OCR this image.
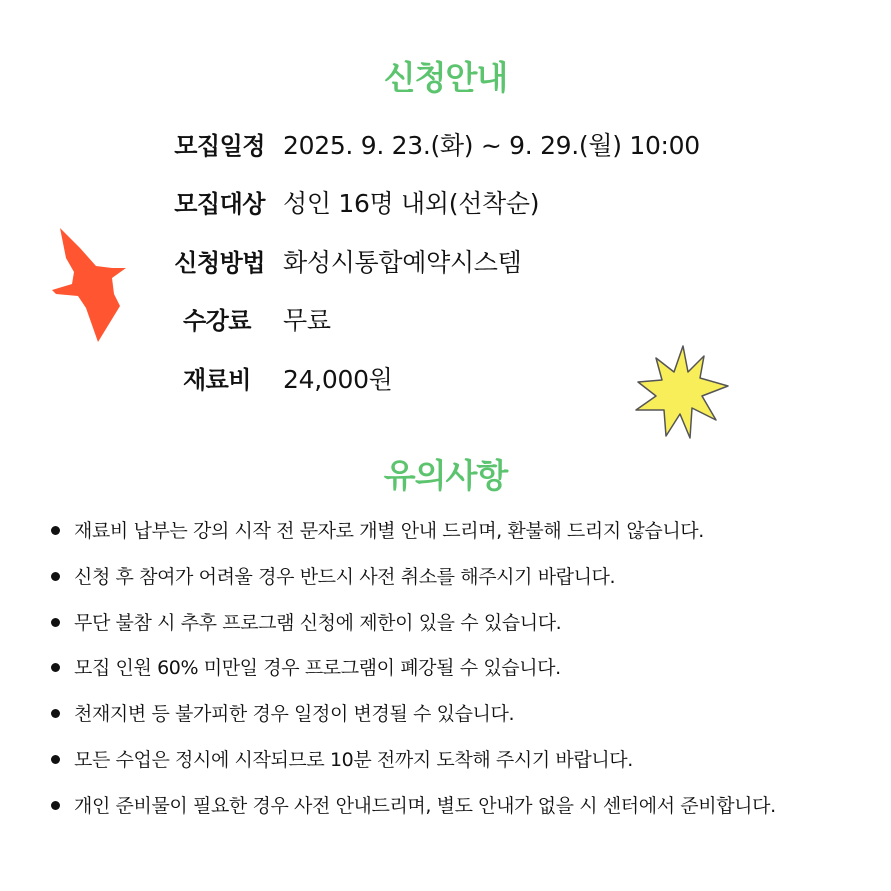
신청안내
모집일정 2025. 9. 23.(화) ~ 9. 29.(월) 10:00
모집대상 성인 16명 내외(선착순)
신청방법 화성시통합예약시스템
수강료 무료
재료비 24,000원
유의사항
재료비 납부는 강의 시작 전 문자로 개별 안내 드리며, 환불해 드리지 않습니다.
신청 후 참여가 어려울 경우 반드시 사전 취소를 해주시기 바랍니다.
무단 불참 시 추후 프로그램 신청에 제한이 있을 수 있습니다.
모집 인원 60% 미만일 경우 프로그램이 폐강될 수 있습니다.
천재지변 등 불가피한 경우 일정이 변경될 수 있습니다.
모든 수업은 정시에 시작되므로 10분 전까지 도착해 주시기 바랍니다.
개인 준비물이 필요한 경우 사전 안내드리며, 별도 안내가 없을 시 센터에서 준비합니다.
